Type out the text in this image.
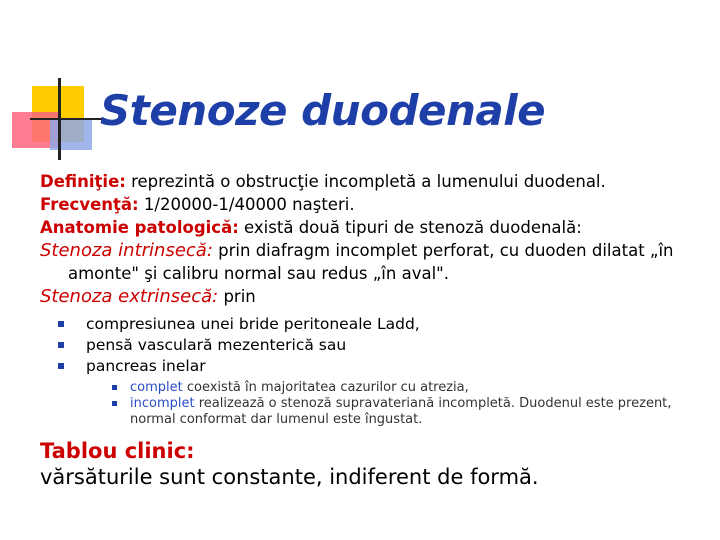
Stenoze duodenale
Definiţie: reprezintă o obstrucţie incompletă a lumenului duodenal.
Frecvenţă: 1/20000-1/40000 naşteri.
Anatomie patologică: există două tipuri de stenoză duodenală:
Stenoza intrinsecă: prin diafragm incomplet perforat, cu duoden dilatat „în
amonte" şi calibru normal sau redus „în aval".
Stenoza extrinsecă: prin
compresiunea unei bride peritoneale Ladd,
pensă vasculară mezenterică sau
pancreas inelar
complet coexistă în majoritatea cazurilor cu atrezia,
incomplet realizează o stenoză supravateriană incompletă. Duodenul este prezent, normal conformat dar lumenul este îngustat.
Tablou clinic:
vărsăturile sunt constante, indiferent de formă.
